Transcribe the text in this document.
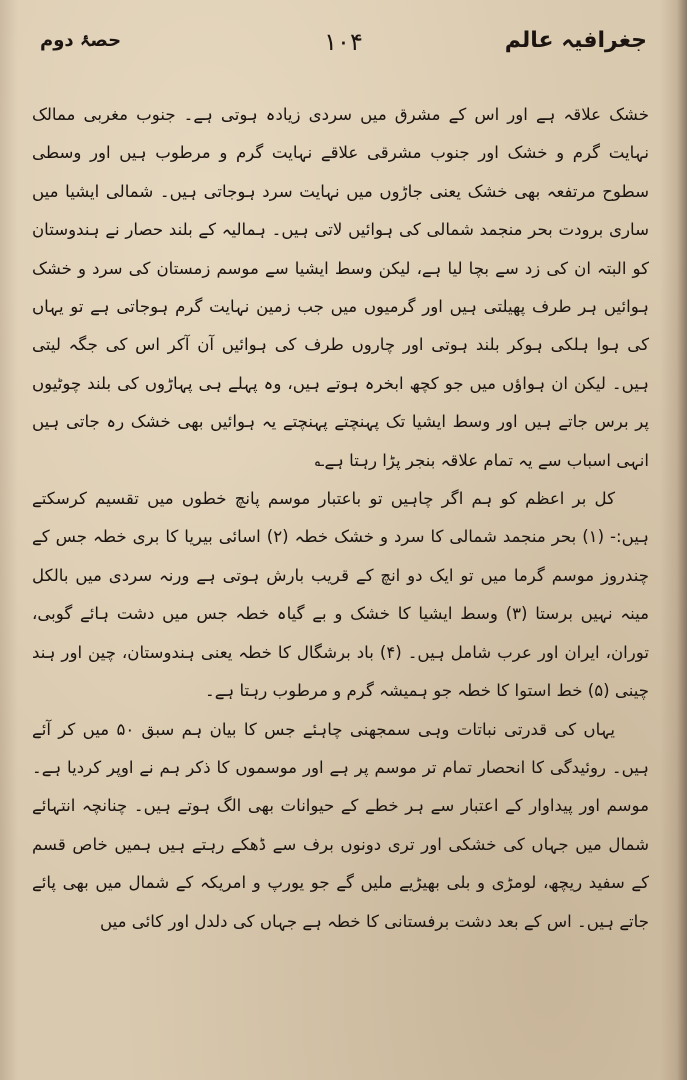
جغرافیہ عالم
۱۰۴
حصۂ دوم

خشک علاقہ ہے اور اس کے مشرق میں سردی زیادہ ہوتی ہے۔ جنوب مغربی ممالک نہایت گرم و خشک اور جنوب مشرقی علاقے نہایت گرم و مرطوب ہیں اور وسطی سطوح مرتفعہ بھی خشک یعنی جاڑوں میں نہایت سرد ہوجاتی ہیں۔ شمالی ایشیا میں ساری برودت بحر منجمد شمالی کی ہوائیں لاتی ہیں۔ ہمالیہ کے بلند حصار نے ہندوستان کو البتہ ان کی زد سے بچا لیا ہے، لیکن وسط ایشیا سے موسم زمستان کی سرد و خشک ہوائیں ہر طرف پھیلتی ہیں اور گرمیوں میں جب زمین نہایت گرم ہوجاتی ہے تو یہاں کی ہوا ہلکی ہوکر بلند ہوتی اور چاروں طرف کی ہوائیں آن آکر اس کی جگہ لیتی ہیں۔ لیکن ان ہواؤں میں جو کچھ ابخرہ ہوتے ہیں، وہ پہلے ہی پہاڑوں کی بلند چوٹیوں پر برس جاتے ہیں اور وسط ایشیا تک پہنچتے پہنچتے یہ ہوائیں بھی خشک رہ جاتی ہیں انہی اسباب سے یہ تمام علاقہ بنجر پڑا رہتا ہے؎

کل بر اعظم کو ہم اگر چاہیں تو باعتبار موسم پانچ خطوں میں تقسیم کرسکتے ہیں:- (۱) بحر منجمد شمالی کا سرد و خشک خطہ (۲) اسائی بیریا کا بری خطہ جس کے چندروز موسم گرما میں تو ایک دو انچ کے قریب بارش ہوتی ہے ورنہ سردی میں بالکل مینہ نہیں برستا (۳) وسط ایشیا کا خشک و بے گیاہ خطہ جس میں دشت ہائے گوبی، توران، ایران اور عرب شامل ہیں۔ (۴) باد برشگال کا خطہ یعنی ہندوستان، چین اور ہند چینی (۵) خط استوا کا خطہ جو ہمیشہ گرم و مرطوب رہتا ہے۔

یہاں کی قدرتی نباتات وہی سمجھنی چاہئے جس کا بیان ہم سبق ۵۰ میں کر آئے ہیں۔ روئیدگی کا انحصار تمام تر موسم پر ہے اور موسموں کا ذکر ہم نے اوپر کردیا ہے۔ موسم اور پیداوار کے اعتبار سے ہر خطے کے حیوانات بھی الگ ہوتے ہیں۔ چنانچہ انتہائے شمال میں جہاں کی خشکی اور تری دونوں برف سے ڈھکے رہتے ہیں ہمیں خاص قسم کے سفید ریچھ، لومڑی و بلی بھیڑیے ملیں گے جو یورپ و امریکہ کے شمال میں بھی پائے جاتے ہیں۔ اس کے بعد دشت برفستانی کا خطہ ہے جہاں کی دلدل اور کائی میں
